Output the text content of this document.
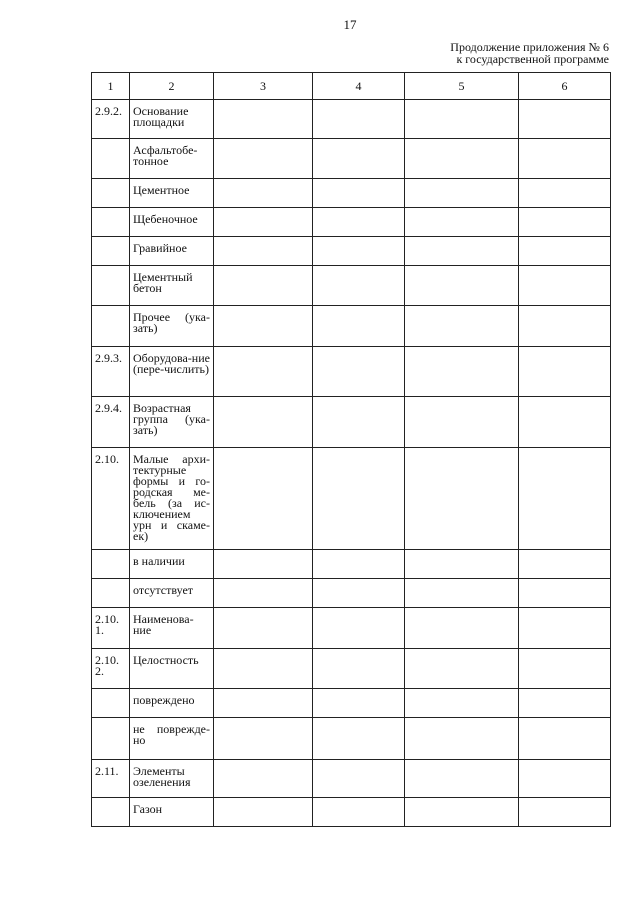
17
Продолжение приложения № 6
к государственной программе
1	2	3	4	5	6
2.9.2.	Основание площадки				
	Асфальтобе-тонное				
	Цементное				
	Щебеночное				
	Гравийное				
	Цементный бетон				
	Прочее (ука-зать)				
2.9.3.	Оборудова-ние (пере-числить)				
2.9.4.	Возрастная группа (ука-зать)				
2.10.	Малые архи-тектурные формы и го-родская ме-бель (за ис-ключением урн и скаме-ек)				
	в наличии				
	отсутствует				
2.10. 1.	Наименова-ние				
2.10. 2.	Целостность				
	повреждено				
	не поврежде-но				
2.11.	Элементы озеленения				
	Газон				
